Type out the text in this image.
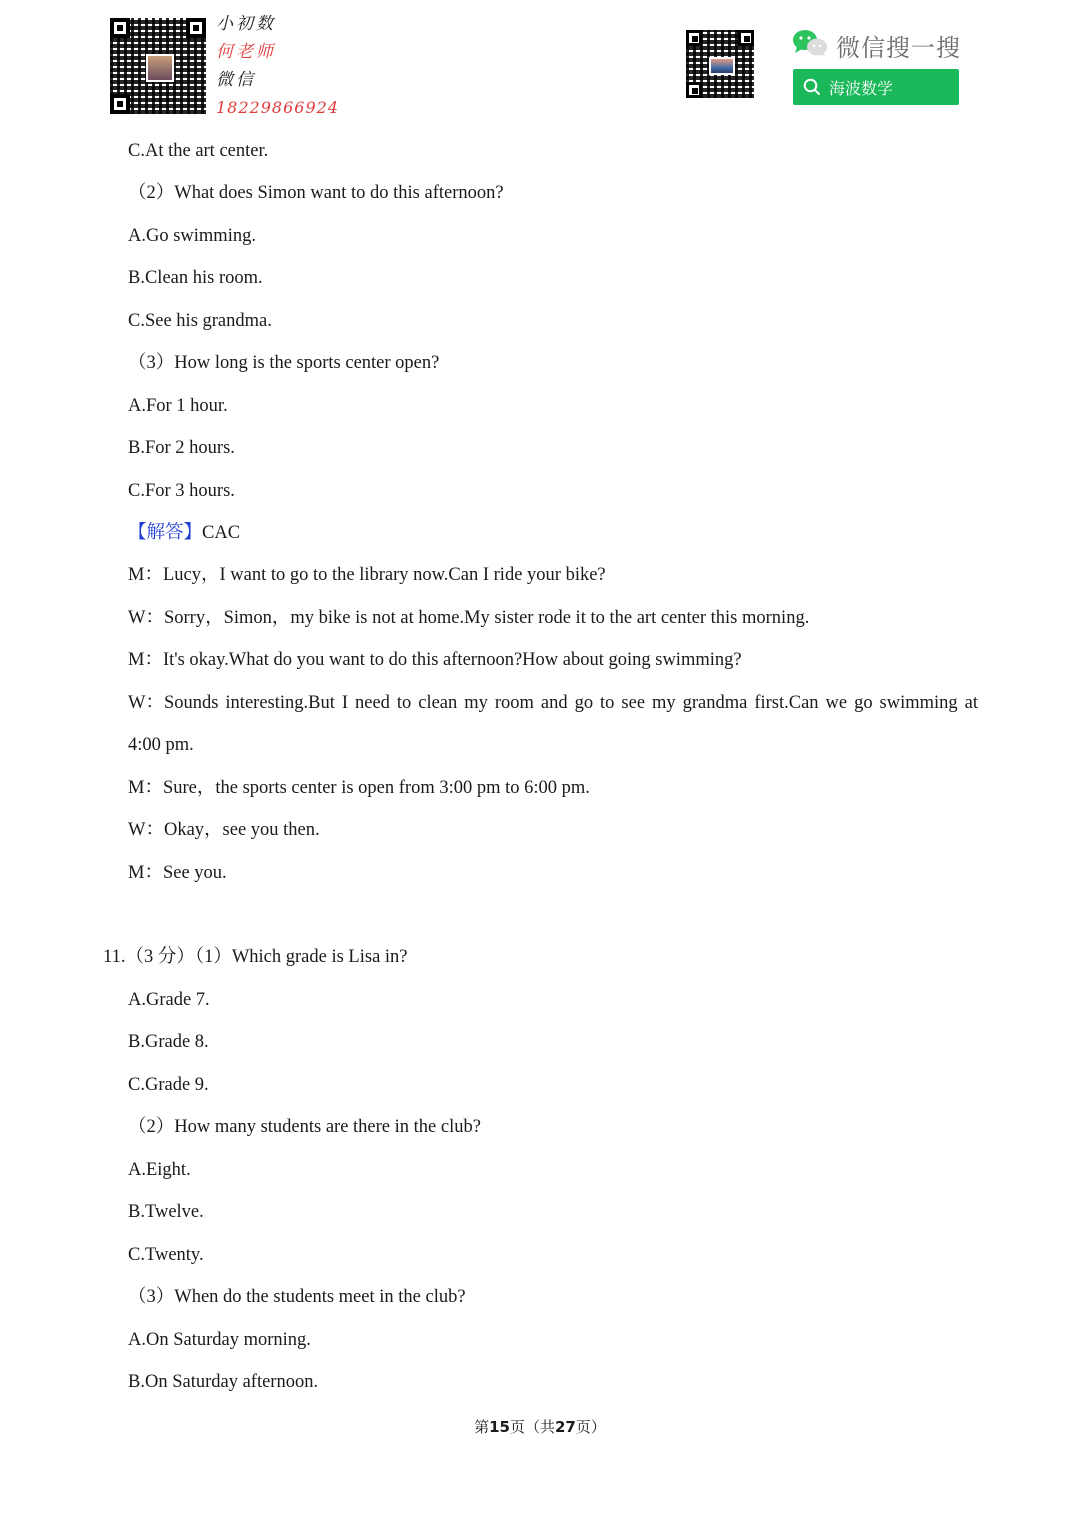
小初数
何老师
微信
18229866924
微信搜一搜
海波数学
C.At the art center.
（2）What does Simon want to do this afternoon?
A.Go swimming.
B.Clean his room.
C.See his grandma.
（3）How long is the sports center open?
A.For 1 hour.
B.For 2 hours.
C.For 3 hours.
【解答】CAC
M：Lucy，I want to go to the library now.Can I ride your bike?
W：Sorry，Simon，my bike is not at home.My sister rode it to the art center this morning.
M：It's okay.What do you want to do this afternoon?How about going swimming?
W：Sounds interesting.But I need to clean my room and go to see my grandma first.Can we go swimming at
4:00 pm.
M：Sure，the sports center is open from 3:00 pm to 6:00 pm.
W：Okay，see you then.
M：See you.
11.（3 分）（1）Which grade is Lisa in?
A.Grade 7.
B.Grade 8.
C.Grade 9.
（2）How many students are there in the club?
A.Eight.
B.Twelve.
C.Twenty.
（3）When do the students meet in the club?
A.On Saturday morning.
B.On Saturday afternoon.
第15页（共27页）
